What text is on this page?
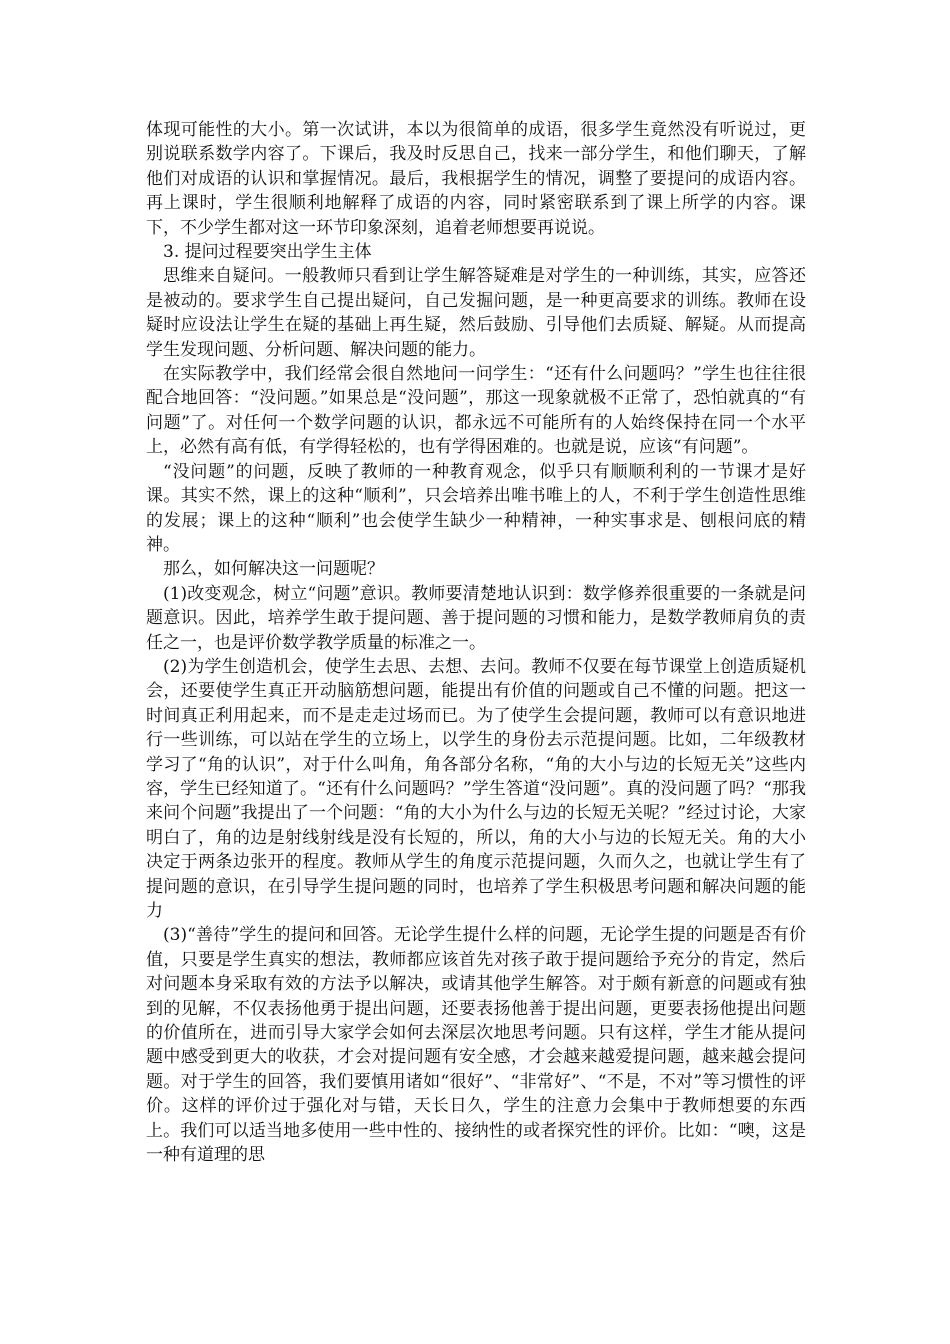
体现可能性的大小。第一次试讲，本以为很简单的成语，很多学生竟然没有听说过，更别说联系数学内容了。下课后，我及时反思自己，找来一部分学生，和他们聊天，了解他们对成语的认识和掌握情况。最后，我根据学生的情况，调整了要提问的成语内容。再上课时，学生很顺利地解释了成语的内容，同时紧密联系到了课上所学的内容。课下，不少学生都对这一环节印象深刻，追着老师想要再说说。

3. 提问过程要突出学生主体

思维来自疑问。一般教师只看到让学生解答疑难是对学生的一种训练，其实，应答还是被动的。要求学生自己提出疑问，自己发掘问题，是一种更高要求的训练。教师在设疑时应设法让学生在疑的基础上再生疑，然后鼓励、引导他们去质疑、解疑。从而提高学生发现问题、分析问题、解决问题的能力。

在实际教学中，我们经常会很自然地问一问学生：“还有什么问题吗？”学生也往往很配合地回答：“没问题。”如果总是“没问题”，那这一现象就极不正常了，恐怕就真的“有问题”了。对任何一个数学问题的认识，都永远不可能所有的人始终保持在同一个水平上，必然有高有低，有学得轻松的，也有学得困难的。也就是说，应该“有问题”。

“没问题”的问题，反映了教师的一种教育观念，似乎只有顺顺利利的一节课才是好课。其实不然，课上的这种“顺利”，只会培养出唯书唯上的人，不利于学生创造性思维的发展；课上的这种“顺利”也会使学生缺少一种精神，一种实事求是、刨根问底的精神。

那么，如何解决这一问题呢？

(1)改变观念，树立“问题”意识。教师要清楚地认识到：数学修养很重要的一条就是问题意识。因此，培养学生敢于提问题、善于提问题的习惯和能力，是数学教师肩负的责任之一，也是评价数学教学质量的标准之一。

(2)为学生创造机会，使学生去思、去想、去问。教师不仅要在每节课堂上创造质疑机会，还要使学生真正开动脑筋想问题，能提出有价值的问题或自己不懂的问题。把这一时间真正利用起来，而不是走走过场而已。为了使学生会提问题，教师可以有意识地进行一些训练，可以站在学生的立场上，以学生的身份去示范提问题。比如，二年级教材学习了“角的认识”，对于什么叫角，角各部分名称，“角的大小与边的长短无关”这些内容，学生已经知道了。“还有什么问题吗？”学生答道“没问题”。真的没问题了吗？“那我来问个问题”我提出了一个问题：“角的大小为什么与边的长短无关呢？”经过讨论，大家明白了，角的边是射线射线是没有长短的，所以，角的大小与边的长短无关。角的大小决定于两条边张开的程度。教师从学生的角度示范提问题，久而久之，也就让学生有了提问题的意识，在引导学生提问题的同时，也培养了学生积极思考问题和解决问题的能力

(3)“善待”学生的提问和回答。无论学生提什么样的问题，无论学生提的问题是否有价值，只要是学生真实的想法，教师都应该首先对孩子敢于提问题给予充分的肯定，然后对问题本身采取有效的方法予以解决，或请其他学生解答。对于颇有新意的问题或有独到的见解，不仅表扬他勇于提出问题，还要表扬他善于提出问题，更要表扬他提出问题的价值所在，进而引导大家学会如何去深层次地思考问题。只有这样，学生才能从提问题中感受到更大的收获，才会对提问题有安全感，才会越来越爱提问题，越来越会提问题。对于学生的回答，我们要慎用诸如“很好”、“非常好”、“不是，不对”等习惯性的评价。这样的评价过于强化对与错，天长日久，学生的注意力会集中于教师想要的东西上。我们可以适当地多使用一些中性的、接纳性的或者探究性的评价。比如：“噢，这是一种有道理的思
